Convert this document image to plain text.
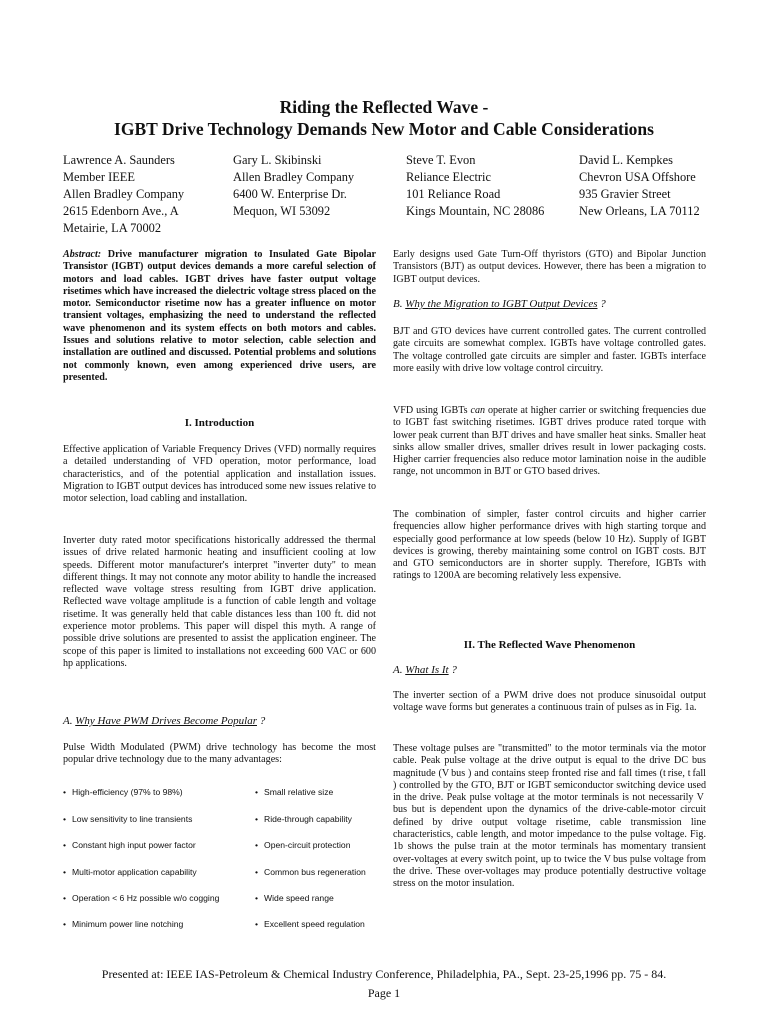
Riding the Reflected Wave -
IGBT Drive Technology Demands New Motor and Cable Considerations
Lawrence A. Saunders
Member IEEE
Allen Bradley Company
2615 Edenborn Ave., A
Metairie, LA 70002
Gary L. Skibinski
Allen Bradley Company
6400 W. Enterprise Dr.
Mequon, WI 53092
Steve T. Evon
Reliance Electric
101 Reliance Road
Kings Mountain, NC 28086
David L. Kempkes
Chevron USA Offshore
935 Gravier Street
New Orleans, LA 70112

Abstract: Drive manufacturer migration to Insulated Gate Bipolar Transistor (IGBT) output devices demands a more careful selection of motors and load cables. IGBT drives have faster output voltage risetimes which have increased the dielectric voltage stress placed on the motor. Semiconductor risetime now has a greater influence on motor transient voltages, emphasizing the need to understand the reflected wave phenomenon and its system effects on both motors and cables. Issues and solutions relative to motor selection, cable selection and installation are outlined and discussed. Potential problems and solutions not commonly known, even among experienced drive users, are presented.

I. Introduction

Effective application of Variable Frequency Drives (VFD) normally requires a detailed understanding of VFD operation, motor performance, load characteristics, and of the potential application and installation issues. Migration to IGBT output devices has introduced some new issues relative to motor selection, load cabling and installation.

Inverter duty rated motor specifications historically addressed the thermal issues of drive related harmonic heating and insufficient cooling at low speeds. Different motor manufacturer's interpret "inverter duty" to mean different things. It may not connote any motor ability to handle the increased reflected wave voltage stress resulting from IGBT drive application. Reflected wave voltage amplitude is a function of cable length and voltage risetime. It was generally held that cable distances less than 100 ft. did not experience motor problems. This paper will dispel this myth. A range of possible drive solutions are presented to assist the application engineer. The scope of this paper is limited to installations not exceeding 600 VAC or 600 hp applications.

A. Why Have PWM Drives Become Popular ?

Pulse Width Modulated (PWM) drive technology has become the most popular drive technology due to the many advantages:

• High-efficiency (97% to 98%)
• Low sensitivity to line transients
• Constant high input power factor
• Multi-motor application capability
• Operation < 6 Hz possible w/o cogging
• Minimum power line notching
• Small relative size
• Ride-through capability
• Open-circuit protection
• Common bus regeneration
• Wide speed range
• Excellent speed regulation

Early designs used Gate Turn-Off thyristors (GTO) and Bipolar Junction Transistors (BJT) as output devices. However, there has been a migration to IGBT output devices.

B. Why the Migration to IGBT Output Devices ?

BJT and GTO devices have current controlled gates. The current controlled gate circuits are somewhat complex. IGBTs have voltage controlled gates. The voltage controlled gate circuits are simpler and faster. IGBTs interface more easily with drive low voltage control circuitry.

VFD using IGBTs can operate at higher carrier or switching frequencies due to IGBT fast switching risetimes. IGBT drives produce rated torque with lower peak current than BJT drives and have smaller heat sinks. Smaller heat sinks allow smaller drives, smaller drives result in lower packaging costs. Higher carrier frequencies also reduce motor lamination noise in the audible range, not uncommon in BJT or GTO based drives.

The combination of simpler, faster control circuits and higher carrier frequencies allow higher performance drives with high starting torque and especially good performance at low speeds (below 10 Hz). Supply of IGBT devices is growing, thereby maintaining some control on IGBT costs. BJT and GTO semiconductors are in shorter supply. Therefore, IGBTs with ratings to 1200A are becoming relatively less expensive.

II. The Reflected Wave Phenomenon
A. What Is It ?

The inverter section of a PWM drive does not produce sinusoidal output voltage wave forms but generates a continuous train of pulses as in Fig. 1a.

These voltage pulses are "transmitted" to the motor terminals via the motor cable. Peak pulse voltage at the drive output is equal to the drive DC bus magnitude (V bus ) and contains steep fronted rise and fall times (t rise, t fall ) controlled by the GTO, BJT or IGBT semiconductor switching device used in the drive. Peak pulse voltage at the motor terminals is not necessarily V bus but is dependent upon the dynamics of the drive-cable-motor circuit defined by drive output voltage risetime, cable transmission line characteristics, cable length, and motor impedance to the pulse voltage. Fig. 1b shows the pulse train at the motor terminals has momentary transient over-voltages at every switch point, up to twice the V bus pulse voltage from the drive. These over-voltages may produce potentially destructive voltage stress on the motor insulation.

Presented at: IEEE IAS-Petroleum & Chemical Industry Conference, Philadelphia, PA., Sept. 23-25,1996 pp. 75 - 84.
Page 1
